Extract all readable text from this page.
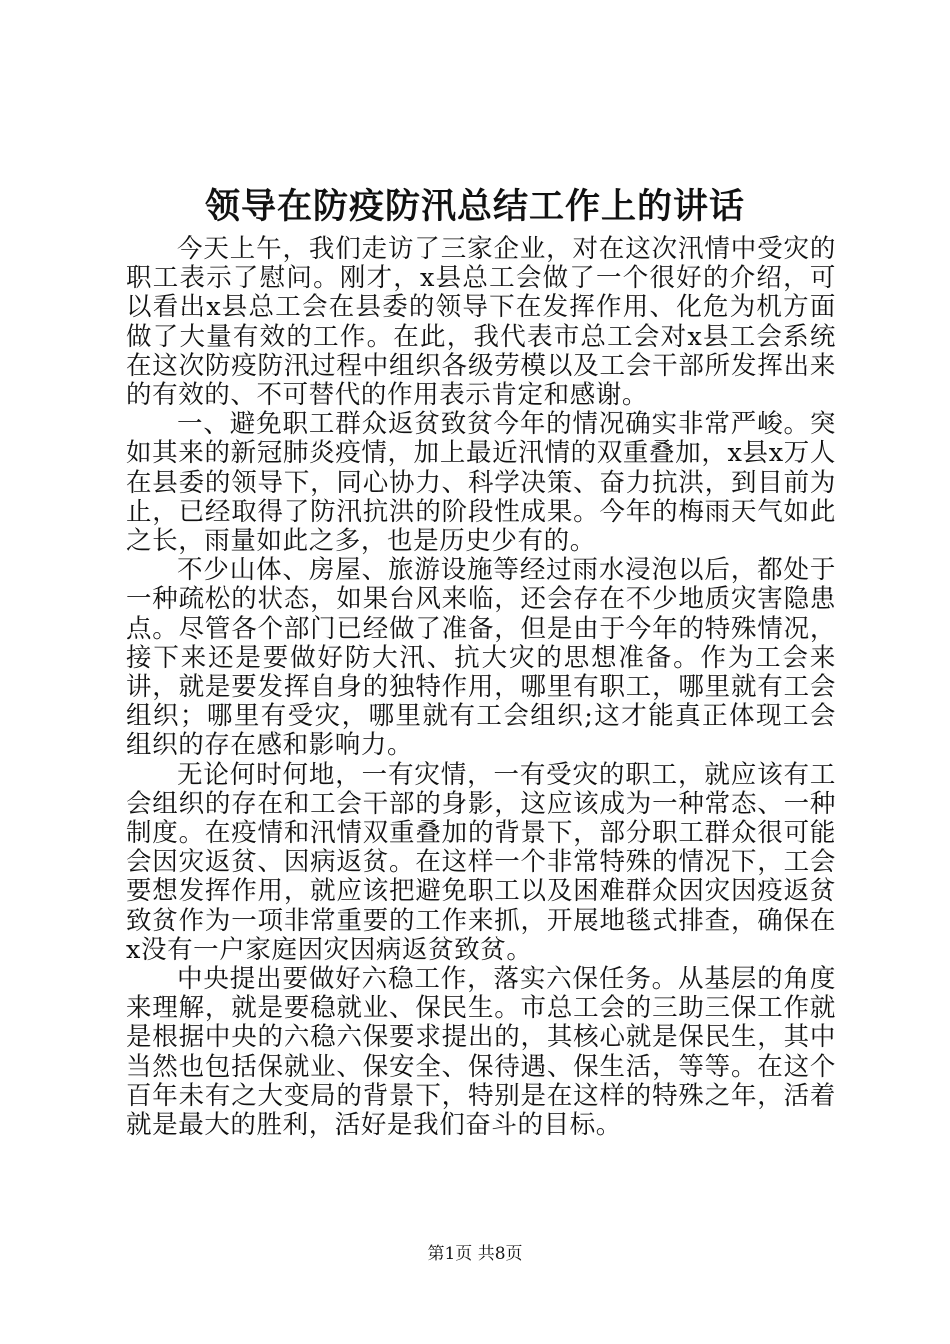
领导在防疫防汛总结工作上的讲话

今天上午，我们走访了三家企业，对在这次汛情中受灾的职工表示了慰问。刚才，x县总工会做了一个很好的介绍，可以看出x县总工会在县委的领导下在发挥作用、化危为机方面做了大量有效的工作。在此，我代表市总工会对x县工会系统在这次防疫防汛过程中组织各级劳模以及工会干部所发挥出来的有效的、不可替代的作用表示肯定和感谢。

一、避免职工群众返贫致贫今年的情况确实非常严峻。突如其来的新冠肺炎疫情，加上最近汛情的双重叠加，x县x万人在县委的领导下，同心协力、科学决策、奋力抗洪，到目前为止，已经取得了防汛抗洪的阶段性成果。今年的梅雨天气如此之长，雨量如此之多，也是历史少有的。

不少山体、房屋、旅游设施等经过雨水浸泡以后，都处于一种疏松的状态，如果台风来临，还会存在不少地质灾害隐患点。尽管各个部门已经做了准备，但是由于今年的特殊情况，接下来还是要做好防大汛、抗大灾的思想准备。作为工会来讲，就是要发挥自身的独特作用，哪里有职工，哪里就有工会组织；哪里有受灾，哪里就有工会组织;这才能真正体现工会组织的存在感和影响力。

无论何时何地，一有灾情，一有受灾的职工，就应该有工会组织的存在和工会干部的身影，这应该成为一种常态、一种制度。在疫情和汛情双重叠加的背景下，部分职工群众很可能会因灾返贫、因病返贫。在这样一个非常特殊的情况下，工会要想发挥作用，就应该把避免职工以及困难群众因灾因疫返贫致贫作为一项非常重要的工作来抓，开展地毯式排查，确保在x没有一户家庭因灾因病返贫致贫。

中央提出要做好六稳工作，落实六保任务。从基层的角度来理解，就是要稳就业、保民生。市总工会的三助三保工作就是根据中央的六稳六保要求提出的，其核心就是保民生，其中当然也包括保就业、保安全、保待遇、保生活，等等。在这个百年未有之大变局的背景下，特别是在这样的特殊之年，活着就是最大的胜利，活好是我们奋斗的目标。

第1页 共8页
